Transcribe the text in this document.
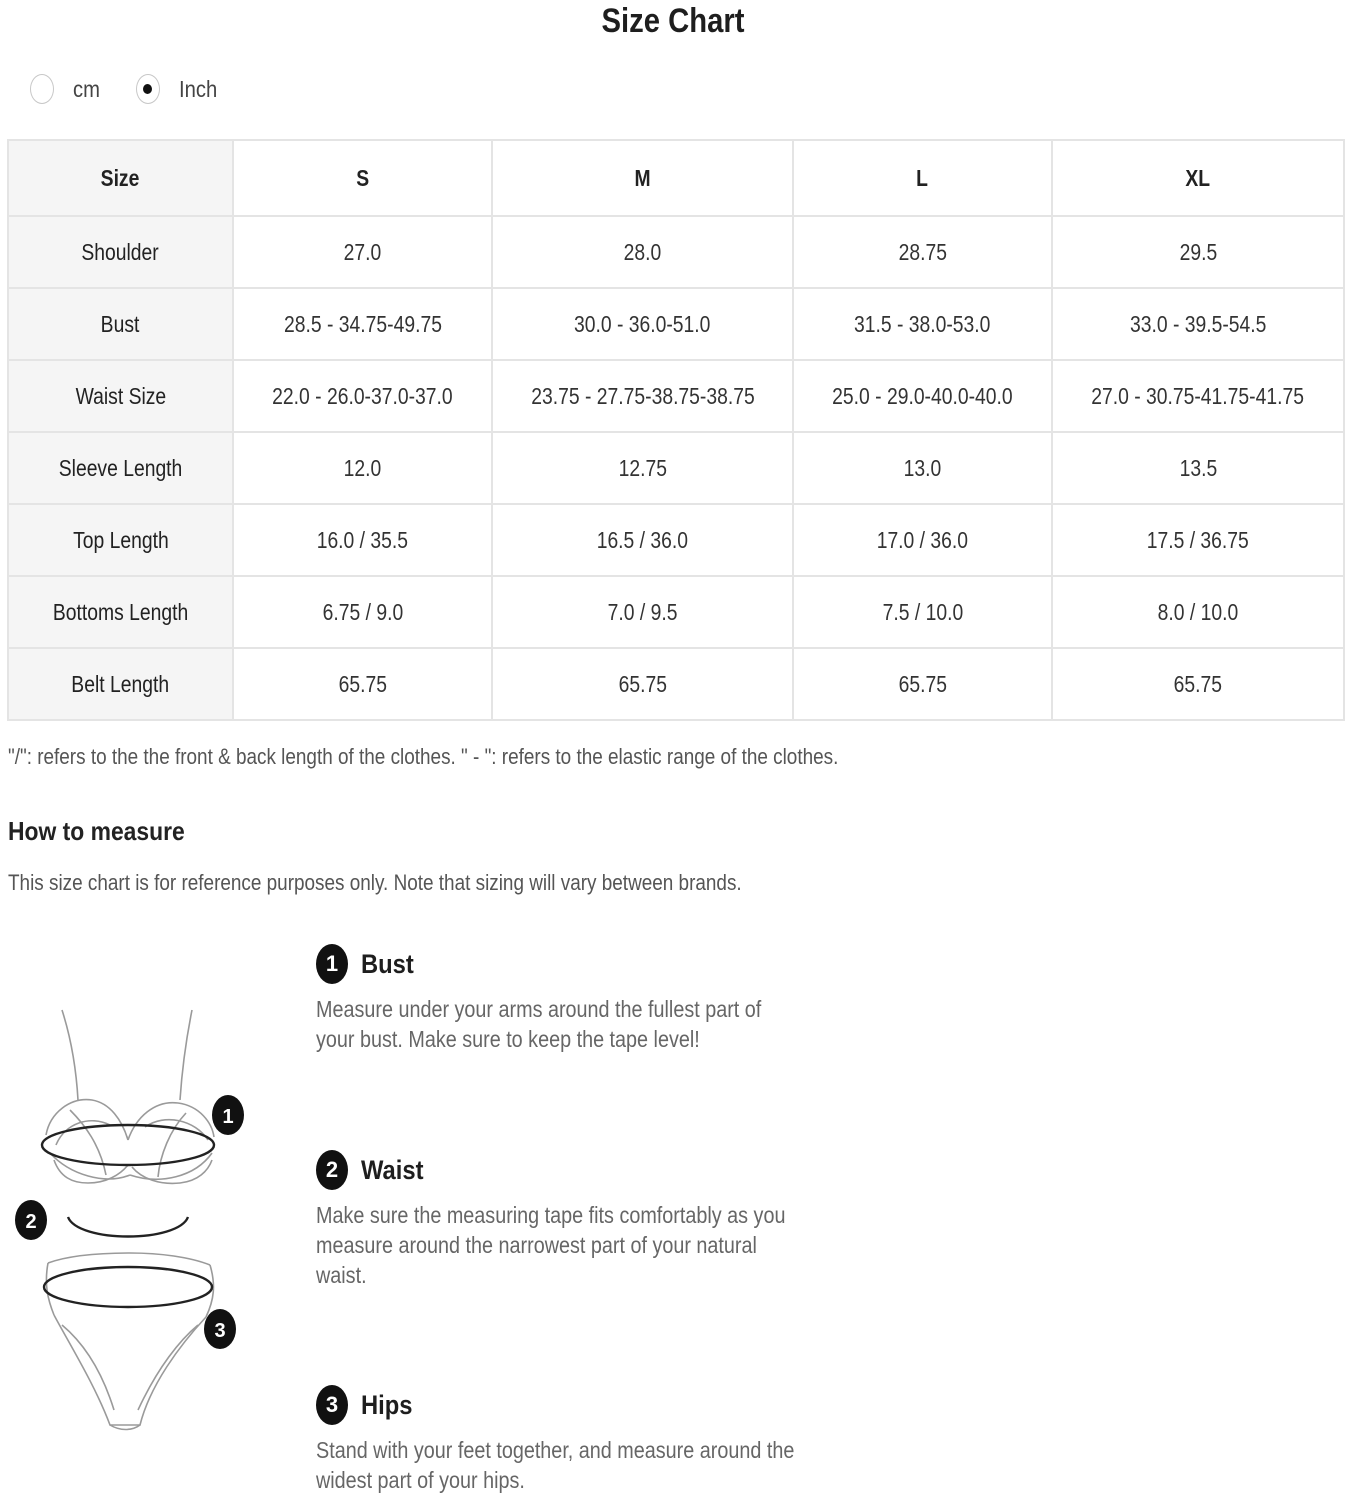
Size Chart
cm	Inch
Size	S	M	L	XL
Shoulder	27.0	28.0	28.75	29.5
Bust	28.5 - 34.75-49.75	30.0 - 36.0-51.0	31.5 - 38.0-53.0	33.0 - 39.5-54.5
Waist Size	22.0 - 26.0-37.0-37.0	23.75 - 27.75-38.75-38.75	25.0 - 29.0-40.0-40.0	27.0 - 30.75-41.75-41.75
Sleeve Length	12.0	12.75	13.0	13.5
Top Length	16.0 / 35.5	16.5 / 36.0	17.0 / 36.0	17.5 / 36.75
Bottoms Length	6.75 / 9.0	7.0 / 9.5	7.5 / 10.0	8.0 / 10.0
Belt Length	65.75	65.75	65.75	65.75
"/": refers to the the front & back length of the clothes. " - ": refers to the elastic range of the clothes.
How to measure
This size chart is for reference purposes only. Note that sizing will vary between brands.
1
2
3
1 Bust
Measure under your arms around the fullest part of your bust. Make sure to keep the tape level!
2 Waist
Make sure the measuring tape fits comfortably as you measure around the narrowest part of your natural waist.
3 Hips
Stand with your feet together, and measure around the widest part of your hips.
